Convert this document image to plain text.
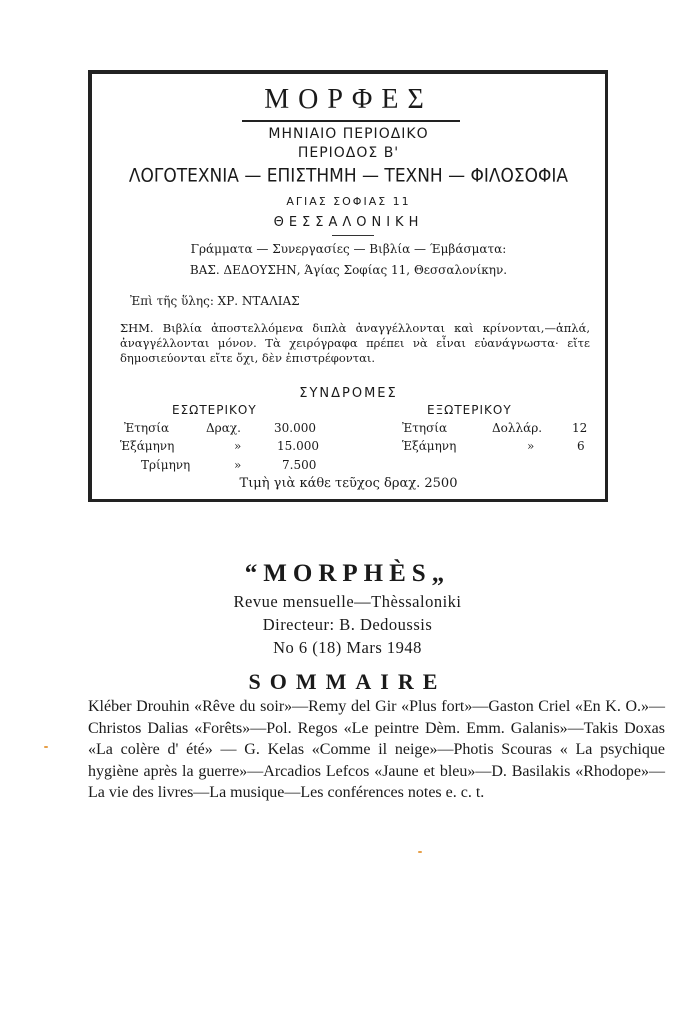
ΜΟΡΦΕΣ
ΜΗΝΙΑΙΟ ΠΕΡΙΟΔΙΚΟ
ΠΕΡΙΟΔΟΣ Β'
ΛΟΓΟΤΕΧΝΙΑ — ΕΠΙΣΤΗΜΗ — ΤΕΧΝΗ — ΦΙΛΟΣΟΦΙΑ
ΑΓΙΑΣ ΣΟΦΙΑΣ 11
ΘΕΣΣΑΛΟΝΙΚΗ
Γράμματα — Συνεργασίες — Βιβλία — Έμβάσματα:
ΒΑΣ. ΔΕΔΟΥΣΗΝ, Άγίας Σοφίας 11, Θεσσαλονίκην.
Ἐπὶ τῆς ὕλης: ΧΡ. ΝΤΑΛΙΑΣ
ΣΗΜ. Βιβλία ἀποστελλόμενα διπλὰ ἀναγγέλλονται καὶ κρίνονται,—ἁπλά, ἀναγγέλλονται μόνον. Τὰ χειρόγραφα πρέπει νὰ εἶναι εὐανάγνωστα· εἴτε δημοσιεύονται εἴτε ὄχι, δὲν ἐπιστρέφονται.
ΣΥΝΔΡΟΜΕΣ
ΕΣΩΤΕΡΙΚΟΥ	ΕΞΩΤΕΡΙΚΟΥ
Ἐτησία	Δραχ.	30.000
Ἑξάμηνη	»	15.000
Τρίμηνη	»	7.500
Ἐτησία	Δολλάρ. 12
Ἑξάμηνη	»	6
Τιμὴ γιὰ κάθε τεῦχος δραχ. 2500
“MORPHÈS„
Revue mensuelle—Thèssaloniki
Directeur: B. Dedoussis
No 6 (18) Mars 1948
SOMMAIRE
Kléber Drouhin «Rêve du soir»—Remy del Gir «Plus fort»—Gaston Criel «En K. O.»—Christos Dalias «Forêts»—Pol. Regos «Le peintre Dèm. Emm. Galanis»—Takis Doxas «La colère d' été» — G. Kelas «Comme il neige»—Photis Scouras « La psychique hygiène après la guerre»—Arcadios Lefcos «Jaune et bleu»—D. Basilakis «Rhodope»—La vie des livres—La musique—Les conférences notes e. c. t.
